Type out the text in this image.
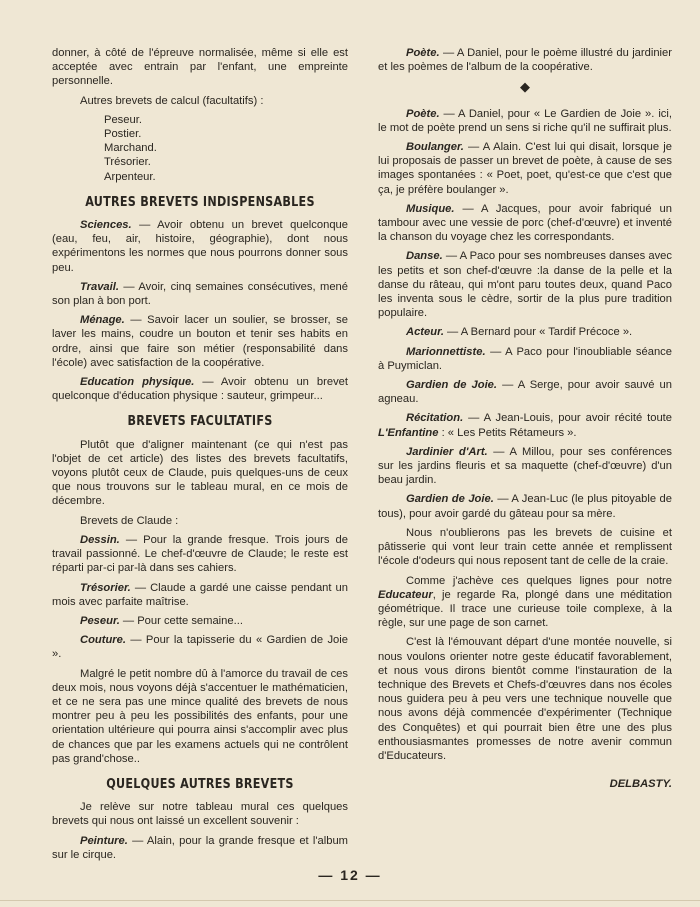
donner, à côté de l'épreuve normalisée, même si elle est acceptée avec entrain par l'enfant, une empreinte personnelle.

Autres brevets de calcul (facultatifs) :

Peseur.
Postier.
Marchand.
Trésorier.
Arpenteur.
AUTRES BREVETS INDISPENSABLES

Sciences. — Avoir obtenu un brevet quelconque (eau, feu, air, histoire, géographie), dont nous expérimentons les normes que nous pourrons donner sous peu.

Travail. — Avoir, cinq semaines consécutives, mené son plan à bon port.

Ménage. — Savoir lacer un soulier, se brosser, se laver les mains, coudre un bouton et tenir ses habits en ordre, ainsi que faire son métier (responsabilité dans l'école) avec satisfaction de la coopérative.

Education physique. — Avoir obtenu un brevet quelconque d'éducation physique : sauteur, grimpeur...

BREVETS FACULTATIFS

Plutôt que d'aligner maintenant (ce qui n'est pas l'objet de cet article) des listes des brevets facultatifs, voyons plutôt ceux de Claude, puis quelques-uns de ceux que nous trouvons sur le tableau mural, en ce mois de décembre.

Brevets de Claude :

Dessin. — Pour la grande fresque. Trois jours de travail passionné. Le chef-d'œuvre de Claude; le reste est réparti par-ci par-là dans ses cahiers.

Trésorier. — Claude a gardé une caisse pendant un mois avec parfaite maîtrise.

Peseur. — Pour cette semaine...

Couture. — Pour la tapisserie du « Gardien de Joie ».

Malgré le petit nombre dû à l'amorce du travail de ces deux mois, nous voyons déjà s'accentuer le mathématicien, et ce ne sera pas une mince qualité des brevets de nous montrer peu à peu les possibilités des enfants, pour une orientation ultérieure qui pourra ainsi s'accomplir avec plus de chances que par les examens actuels qui ne contrôlent pas grand'chose..

QUELQUES AUTRES BREVETS

Je relève sur notre tableau mural ces quelques brevets qui nous ont laissé un excellent souvenir :

Peinture. — Alain, pour la grande fresque et l'album sur le cirque.

Poète. — A Daniel, pour le poème illustré du jardinier et les poèmes de l'album de la coopérative.

◆

Poète. — A Daniel, pour « Le Gardien de Joie ». ici, le mot de poète prend un sens si riche qu'il ne suffirait plus.

Boulanger. — A Alain. C'est lui qui disait, lorsque je lui proposais de passer un brevet de poète, à cause de ses images spontanées : « Poet, poet, qu'est-ce que c'est que ça, je préfère boulanger ».

Musique. — A Jacques, pour avoir fabriqué un tambour avec une vessie de porc (chef-d'œuvre) et inventé la chanson du voyage chez les correspondants.

Danse. — A Paco pour ses nombreuses danses avec les petits et son chef-d'œuvre :la danse de la pelle et la danse du râteau, qui m'ont paru toutes deux, quand Paco les inventa sous le cèdre, sortir de la plus pure tradition populaire.

Acteur. — A Bernard pour « Tardif Précoce ».

Marionnettiste. — A Paco pour l'inoubliable séance à Puymiclan.

Gardien de Joie. — A Serge, pour avoir sauvé un agneau.

Récitation. — A Jean-Louis, pour avoir récité toute L'Enfantine : « Les Petits Rétameurs ».

Jardinier d'Art. — A Millou, pour ses conférences sur les jardins fleuris et sa maquette (chef-d'œuvre) d'un beau jardin.

Gardien de Joie. — A Jean-Luc (le plus pitoyable de tous), pour avoir gardé du gâteau pour sa mère.

Nous n'oublierons pas les brevets de cuisine et pâtisserie qui vont leur train cette année et remplissent l'école d'odeurs qui nous reposent tant de celle de la craie.

Comme j'achève ces quelques lignes pour notre Educateur, je regarde Ra, plongé dans une méditation géométrique. Il trace une curieuse toile complexe, à la règle, sur une page de son carnet.

C'est là l'émouvant départ d'une montée nouvelle, si nous voulons orienter notre geste éducatif favorablement, et nous vous dirons bientôt comme l'instauration de la technique des Brevets et Chefs-d'œuvres dans nos écoles nous guidera peu à peu vers une technique nouvelle que nous avons déjà commencée d'expérimenter (Technique des Conquêtes) et qui pourrait bien être une des plus enthousiasmantes promesses de notre avenir commun d'Educateurs.

DELBASTY.
— 12 —
